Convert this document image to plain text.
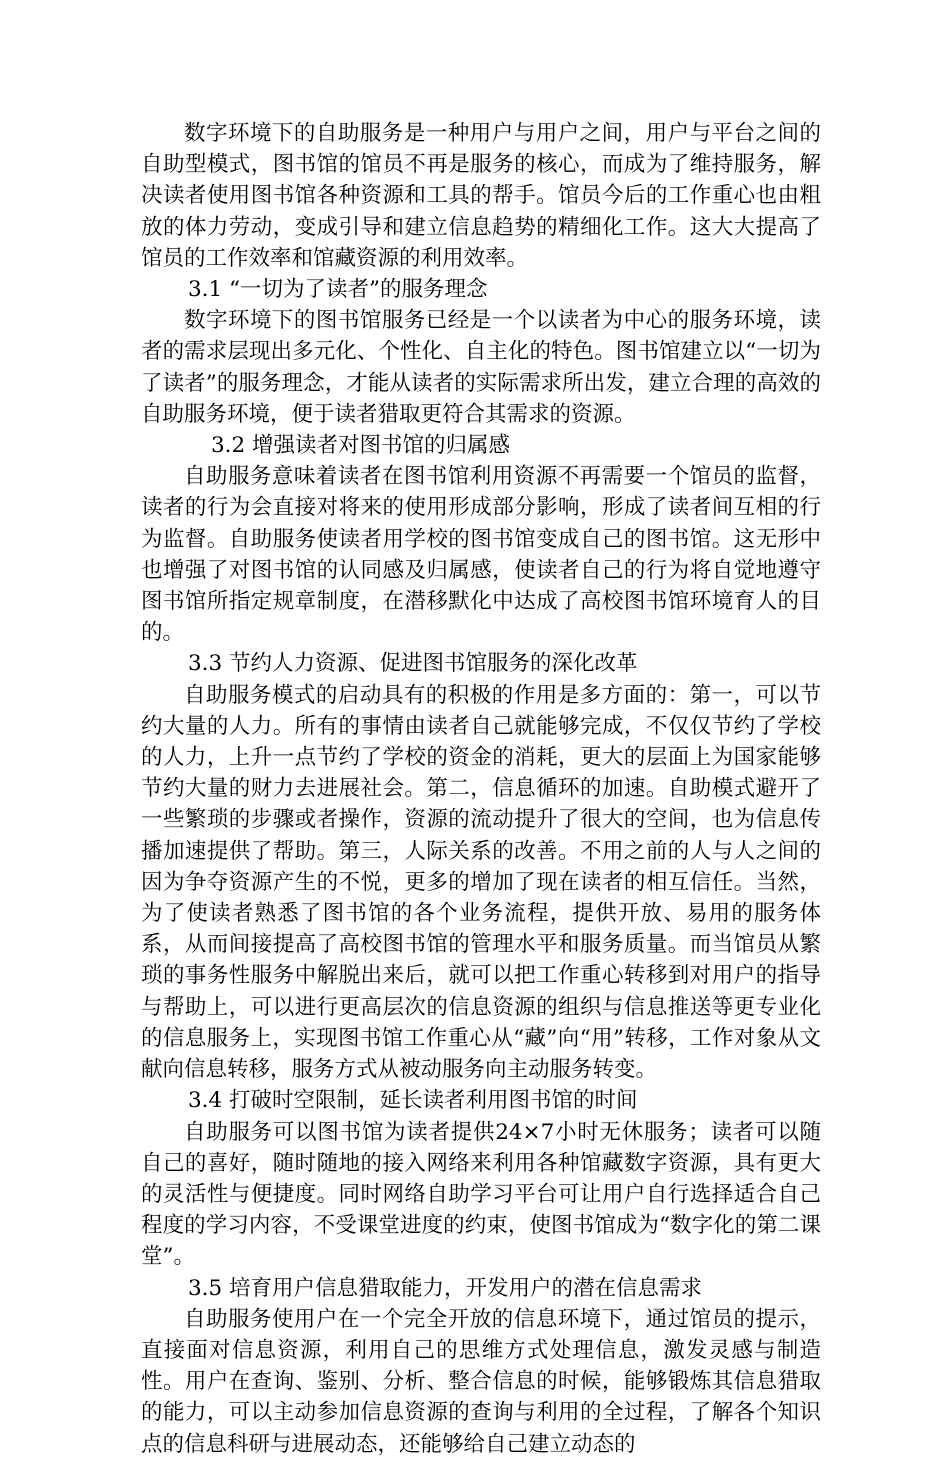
数字环境下的自助服务是一种用户与用户之间，用户与平台之间的自助型模式，图书馆的馆员不再是服务的核心，而成为了维持服务，解决读者使用图书馆各种资源和工具的帮手。馆员今后的工作重心也由粗放的体力劳动，变成引导和建立信息趋势的精细化工作。这大大提高了馆员的工作效率和馆藏资源的利用效率。

3.1 “一切为了读者”的服务理念

数字环境下的图书馆服务已经是一个以读者为中心的服务环境，读者的需求层现出多元化、个性化、自主化的特色。图书馆建立以“一切为了读者”的服务理念，才能从读者的实际需求所出发，建立合理的高效的自助服务环境，便于读者猎取更符合其需求的资源。

3.2 增强读者对图书馆的归属感

自助服务意味着读者在图书馆利用资源不再需要一个馆员的监督，读者的行为会直接对将来的使用形成部分影响，形成了读者间互相的行为监督。自助服务使读者用学校的图书馆变成自己的图书馆。这无形中也增强了对图书馆的认同感及归属感，使读者自己的行为将自觉地遵守图书馆所指定规章制度，在潜移默化中达成了高校图书馆环境育人的目的。

3.3 节约人力资源、促进图书馆服务的深化改革

自助服务模式的启动具有的积极的作用是多方面的：第一，可以节约大量的人力。所有的事情由读者自己就能够完成，不仅仅节约了学校的人力，上升一点节约了学校的资金的消耗，更大的层面上为国家能够节约大量的财力去进展社会。第二，信息循环的加速。自助模式避开了一些繁琐的步骤或者操作，资源的流动提升了很大的空间，也为信息传播加速提供了帮助。第三，人际关系的改善。不用之前的人与人之间的因为争夺资源产生的不悦，更多的增加了现在读者的相互信任。当然，为了使读者熟悉了图书馆的各个业务流程，提供开放、易用的服务体系，从而间接提高了高校图书馆的管理水平和服务质量。而当馆员从繁琐的事务性服务中解脱出来后，就可以把工作重心转移到对用户的指导与帮助上，可以进行更高层次的信息资源的组织与信息推送等更专业化的信息服务上，实现图书馆工作重心从“藏”向“用”转移，工作对象从文献向信息转移，服务方式从被动服务向主动服务转变。

3.4 打破时空限制，延长读者利用图书馆的时间

自助服务可以图书馆为读者提供24×7小时无休服务；读者可以随自己的喜好，随时随地的接入网络来利用各种馆藏数字资源，具有更大的灵活性与便捷度。同时网络自助学习平台可让用户自行选择适合自己程度的学习内容，不受课堂进度的约束，使图书馆成为“数字化的第二课堂”。

3.5 培育用户信息猎取能力，开发用户的潜在信息需求

自助服务使用户在一个完全开放的信息环境下，通过馆员的提示，直接面对信息资源，利用自己的思维方式处理信息，激发灵感与制造性。用户在查询、鉴别、分析、整合信息的时候，能够锻炼其信息猎取的能力，可以主动参加信息资源的查询与利用的全过程，了解各个知识点的信息科研与进展动态，还能够给自己建立动态的
